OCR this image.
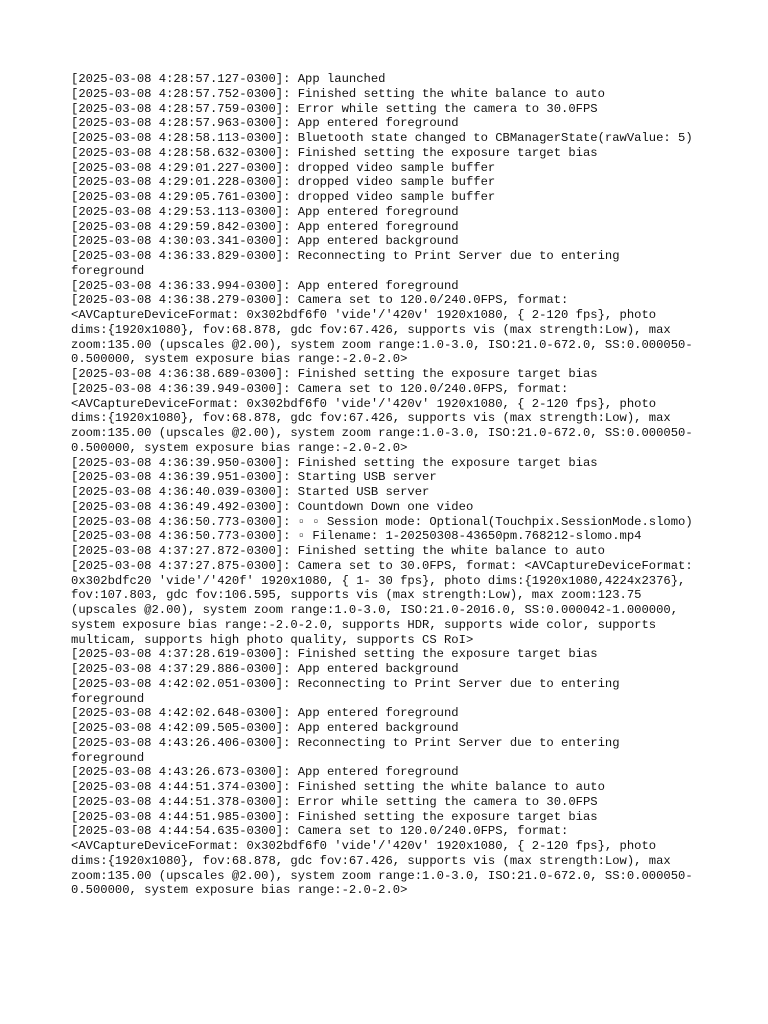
[2025-03-08 4:28:57.127-0300]: App launched
[2025-03-08 4:28:57.752-0300]: Finished setting the white balance to auto
[2025-03-08 4:28:57.759-0300]: Error while setting the camera to 30.0FPS
[2025-03-08 4:28:57.963-0300]: App entered foreground
[2025-03-08 4:28:58.113-0300]: Bluetooth state changed to CBManagerState(rawValue: 5)
[2025-03-08 4:28:58.632-0300]: Finished setting the exposure target bias
[2025-03-08 4:29:01.227-0300]: dropped video sample buffer
[2025-03-08 4:29:01.228-0300]: dropped video sample buffer
[2025-03-08 4:29:05.761-0300]: dropped video sample buffer
[2025-03-08 4:29:53.113-0300]: App entered foreground
[2025-03-08 4:29:59.842-0300]: App entered foreground
[2025-03-08 4:30:03.341-0300]: App entered background
[2025-03-08 4:36:33.829-0300]: Reconnecting to Print Server due to entering foreground
[2025-03-08 4:36:33.994-0300]: App entered foreground
[2025-03-08 4:36:38.279-0300]: Camera set to 120.0/240.0FPS, format: <AVCaptureDeviceFormat: 0x302bdf6f0 'vide'/'420v' 1920x1080, { 2-120 fps}, photo dims:{1920x1080}, fov:68.878, gdc fov:67.426, supports vis (max strength:Low), max zoom:135.00 (upscales @2.00), system zoom range:1.0-3.0, ISO:21.0-672.0, SS:0.000050-0.500000, system exposure bias range:-2.0-2.0>
[2025-03-08 4:36:38.689-0300]: Finished setting the exposure target bias
[2025-03-08 4:36:39.949-0300]: Camera set to 120.0/240.0FPS, format: <AVCaptureDeviceFormat: 0x302bdf6f0 'vide'/'420v' 1920x1080, { 2-120 fps}, photo dims:{1920x1080}, fov:68.878, gdc fov:67.426, supports vis (max strength:Low), max zoom:135.00 (upscales @2.00), system zoom range:1.0-3.0, ISO:21.0-672.0, SS:0.000050-0.500000, system exposure bias range:-2.0-2.0>
[2025-03-08 4:36:39.950-0300]: Finished setting the exposure target bias
[2025-03-08 4:36:39.951-0300]: Starting USB server
[2025-03-08 4:36:40.039-0300]: Started USB server
[2025-03-08 4:36:49.492-0300]: Countdown Down one video
[2025-03-08 4:36:50.773-0300]: ▫ ▫ Session mode: Optional(Touchpix.SessionMode.slomo)
[2025-03-08 4:36:50.773-0300]: ▫ Filename: 1-20250308-43650pm.768212-slomo.mp4
[2025-03-08 4:37:27.872-0300]: Finished setting the white balance to auto
[2025-03-08 4:37:27.875-0300]: Camera set to 30.0FPS, format: <AVCaptureDeviceFormat: 0x302bdfc20 'vide'/'420f' 1920x1080, { 1- 30 fps}, photo dims:{1920x1080,4224x2376}, fov:107.803, gdc fov:106.595, supports vis (max strength:Low), max zoom:123.75 (upscales @2.00), system zoom range:1.0-3.0, ISO:21.0-2016.0, SS:0.000042-1.000000, system exposure bias range:-2.0-2.0, supports HDR, supports wide color, supports multicam, supports high photo quality, supports CS RoI>
[2025-03-08 4:37:28.619-0300]: Finished setting the exposure target bias
[2025-03-08 4:37:29.886-0300]: App entered background
[2025-03-08 4:42:02.051-0300]: Reconnecting to Print Server due to entering foreground
[2025-03-08 4:42:02.648-0300]: App entered foreground
[2025-03-08 4:42:09.505-0300]: App entered background
[2025-03-08 4:43:26.406-0300]: Reconnecting to Print Server due to entering foreground
[2025-03-08 4:43:26.673-0300]: App entered foreground
[2025-03-08 4:44:51.374-0300]: Finished setting the white balance to auto
[2025-03-08 4:44:51.378-0300]: Error while setting the camera to 30.0FPS
[2025-03-08 4:44:51.985-0300]: Finished setting the exposure target bias
[2025-03-08 4:44:54.635-0300]: Camera set to 120.0/240.0FPS, format: <AVCaptureDeviceFormat: 0x302bdf6f0 'vide'/'420v' 1920x1080, { 2-120 fps}, photo dims:{1920x1080}, fov:68.878, gdc fov:67.426, supports vis (max strength:Low), max zoom:135.00 (upscales @2.00), system zoom range:1.0-3.0, ISO:21.0-672.0, SS:0.000050-0.500000, system exposure bias range:-2.0-2.0>
